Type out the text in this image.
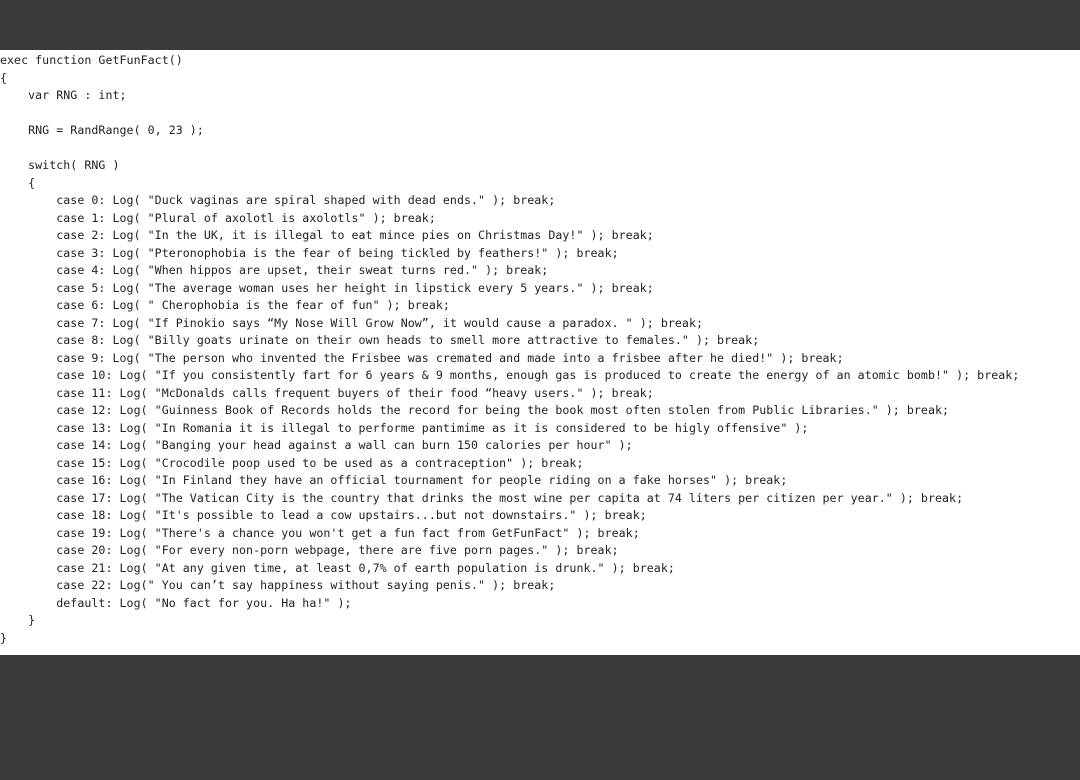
exec function GetFunFact()
{
var RNG : int;
RNG = RandRange( 0, 23 );
switch( RNG )
{
case 0: Log( "Duck vaginas are spiral shaped with dead ends." ); break;
case 1: Log( "Plural of axolotl is axolotls" ); break;
case 2: Log( "In the UK, it is illegal to eat mince pies on Christmas Day!" ); break;
case 3: Log( "Pteronophobia is the fear of being tickled by feathers!" ); break;
case 4: Log( "When hippos are upset, their sweat turns red." ); break;
case 5: Log( "The average woman uses her height in lipstick every 5 years." ); break;
case 6: Log( " Cherophobia is the fear of fun" ); break;
case 7: Log( "If Pinokio says “My Nose Will Grow Now”, it would cause a paradox. " ); break;
case 8: Log( "Billy goats urinate on their own heads to smell more attractive to females." ); break;
case 9: Log( "The person who invented the Frisbee was cremated and made into a frisbee after he died!" ); break;
case 10: Log( "If you consistently fart for 6 years & 9 months, enough gas is produced to create the energy of an atomic bomb!" ); break;
case 11: Log( "McDonalds calls frequent buyers of their food “heavy users." ); break;
case 12: Log( "Guinness Book of Records holds the record for being the book most often stolen from Public Libraries." ); break;
case 13: Log( "In Romania it is illegal to performe pantimime as it is considered to be higly offensive" );
case 14: Log( "Banging your head against a wall can burn 150 calories per hour" );
case 15: Log( "Crocodile poop used to be used as a contraception" ); break;
case 16: Log( "In Finland they have an official tournament for people riding on a fake horses" ); break;
case 17: Log( "The Vatican City is the country that drinks the most wine per capita at 74 liters per citizen per year." ); break;
case 18: Log( "It's possible to lead a cow upstairs...but not downstairs." ); break;
case 19: Log( "There's a chance you won't get a fun fact from GetFunFact" ); break;
case 20: Log( "For every non-porn webpage, there are five porn pages." ); break;
case 21: Log( "At any given time, at least 0,7% of earth population is drunk." ); break;
case 22: Log(" You can’t say happiness without saying penis." ); break;
default: Log( "No fact for you. Ha ha!" );
}
}
